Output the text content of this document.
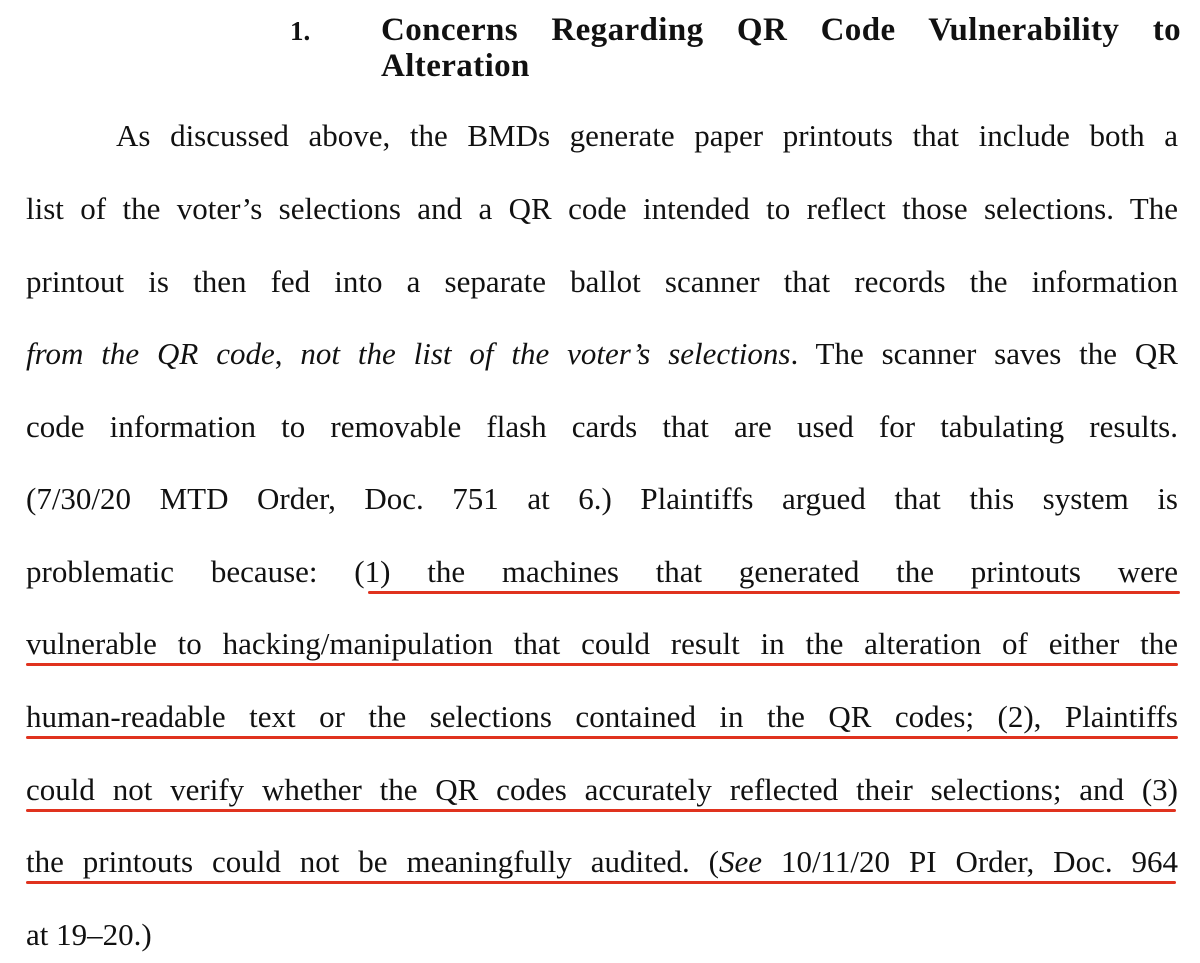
1. Concerns Regarding QR Code Vulnerability to
Alteration
As discussed above, the BMDs generate paper printouts that include both a
list of the voter’s selections and a QR code intended to reflect those selections. The
printout is then fed into a separate ballot scanner that records the information
from the QR code, not the list of the voter’s selections. The scanner saves the QR
code information to removable flash cards that are used for tabulating results.
(7/30/20 MTD Order, Doc. 751 at 6.) Plaintiffs argued that this system is
problematic because: (1) the machines that generated the printouts were
vulnerable to hacking/manipulation that could result in the alteration of either the
human-readable text or the selections contained in the QR codes; (2), Plaintiffs
could not verify whether the QR codes accurately reflected their selections; and (3)
the printouts could not be meaningfully audited. (See 10/11/20 PI Order, Doc. 964
at 19–20.)
